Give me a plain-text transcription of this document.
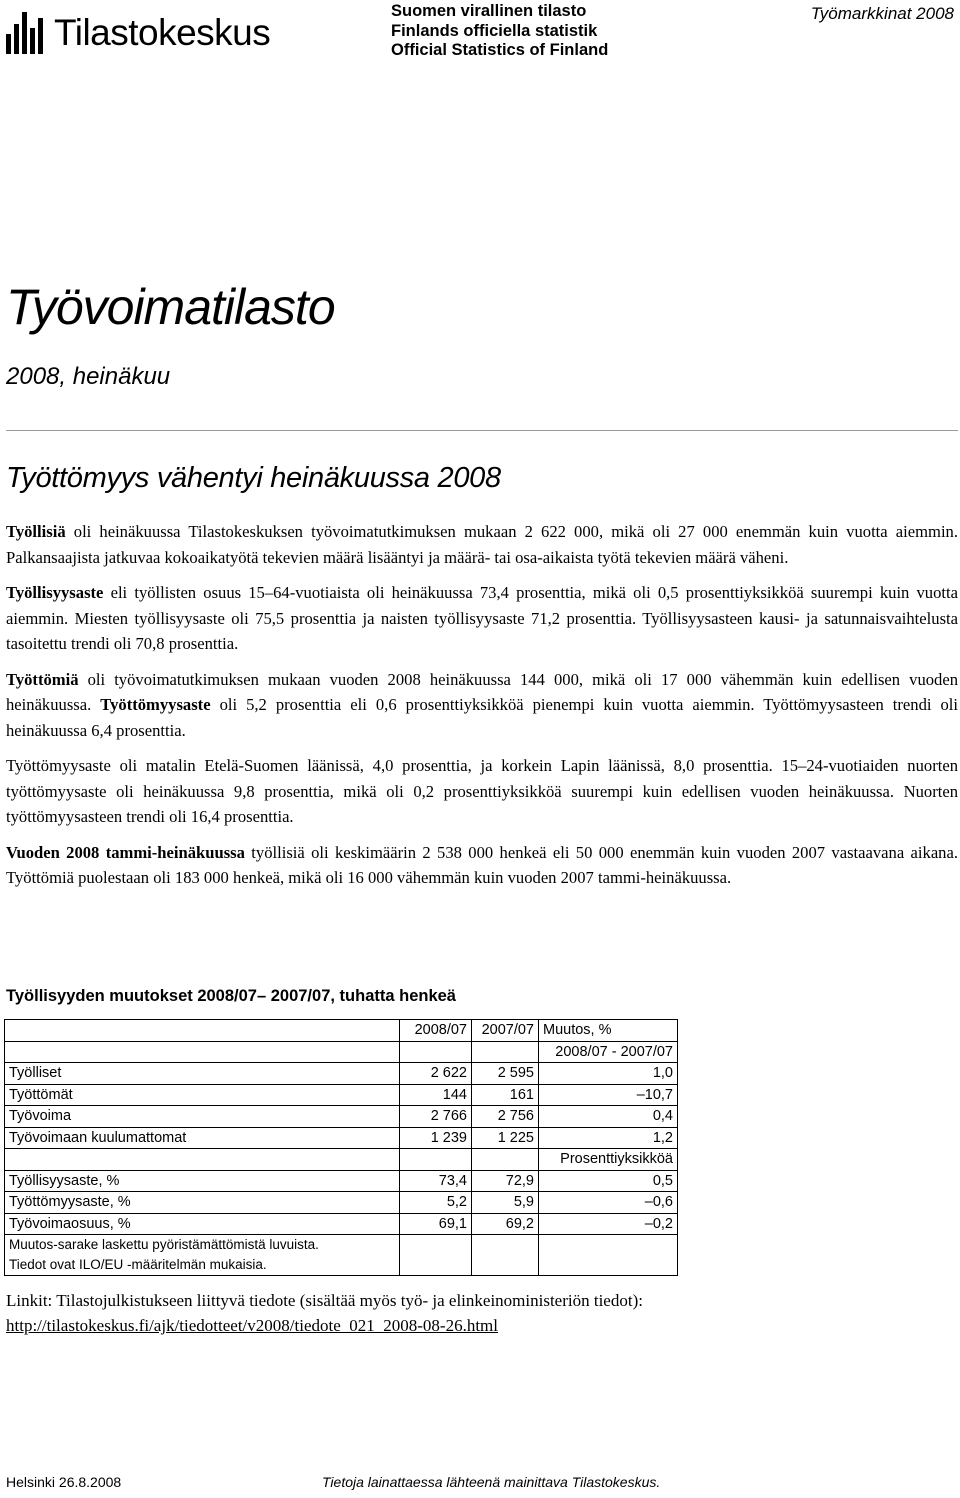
Tilastokeskus
Suomen virallinen tilasto
Finlands officiella statistik
Official Statistics of Finland
Työmarkkinat 2008
Työvoimatilasto
2008, heinäkuu
Työttömyys vähentyi heinäkuussa 2008

Työllisiä oli heinäkuussa Tilastokeskuksen työvoimatutkimuksen mukaan 2 622 000, mikä oli 27 000 enemmän kuin vuotta aiemmin. Palkansaajista jatkuvaa kokoaikatyötä tekevien määrä lisääntyi ja määrä- tai osa-aikaista työtä tekevien määrä väheni.

Työllisyysaste eli työllisten osuus 15–64-vuotiaista oli heinäkuussa 73,4 prosenttia, mikä oli 0,5 prosenttiyksikköä suurempi kuin vuotta aiemmin. Miesten työllisyysaste oli 75,5 prosenttia ja naisten työllisyysaste 71,2 prosenttia. Työllisyysasteen kausi- ja satunnaisvaihtelusta tasoitettu trendi oli 70,8 prosenttia.

Työttömiä oli työvoimatutkimuksen mukaan vuoden 2008 heinäkuussa 144 000, mikä oli 17 000 vähemmän kuin edellisen vuoden heinäkuussa. Työttömyysaste oli 5,2 prosenttia eli 0,6 prosenttiyksikköä pienempi kuin vuotta aiemmin. Työttömyysasteen trendi oli heinäkuussa 6,4 prosenttia.

Työttömyysaste oli matalin Etelä-Suomen läänissä, 4,0 prosenttia, ja korkein Lapin läänissä, 8,0 prosenttia. 15–24-vuotiaiden nuorten työttömyysaste oli heinäkuussa 9,8 prosenttia, mikä oli 0,2 prosenttiyksikköä suurempi kuin edellisen vuoden heinäkuussa. Nuorten työttömyysasteen trendi oli 16,4 prosenttia.

Vuoden 2008 tammi-heinäkuussa työllisiä oli keskimäärin 2 538 000 henkeä eli 50 000 enemmän kuin vuoden 2007 vastaavana aikana. Työttömiä puolestaan oli 183 000 henkeä, mikä oli 16 000 vähemmän kuin vuoden 2007 tammi-heinäkuussa.

Työllisyyden muutokset 2008/07– 2007/07, tuhatta henkeä
	2008/07	2007/07	Muutos, %
			2008/07 - 2007/07
Työlliset	2 622	2 595	1,0
Työttömät	144	161	–10,7
Työvoima	2 766	2 756	0,4
Työvoimaan kuulumattomat	1 239	1 225	1,2
			Prosenttiyksikköä
Työllisyysaste, %	73,4	72,9	0,5
Työttömyysaste, %	5,2	5,9	–0,6
Työvoimaosuus, %	69,1	69,2	–0,2

Muutos-sarake laskettu pyöristämättömistä luvuista.
Tiedot ovat ILO/EU -määritelmän mukaisia.			

Linkit: Tilastojulkistukseen liittyvä tiedote (sisältää myös työ- ja elinkeinoministeriön tiedot):
http://tilastokeskus.fi/ajk/tiedotteet/v2008/tiedote_021_2008-08-26.html
Helsinki 26.8.2008	Tietoja lainattaessa lähteenä mainittava Tilastokeskus.
